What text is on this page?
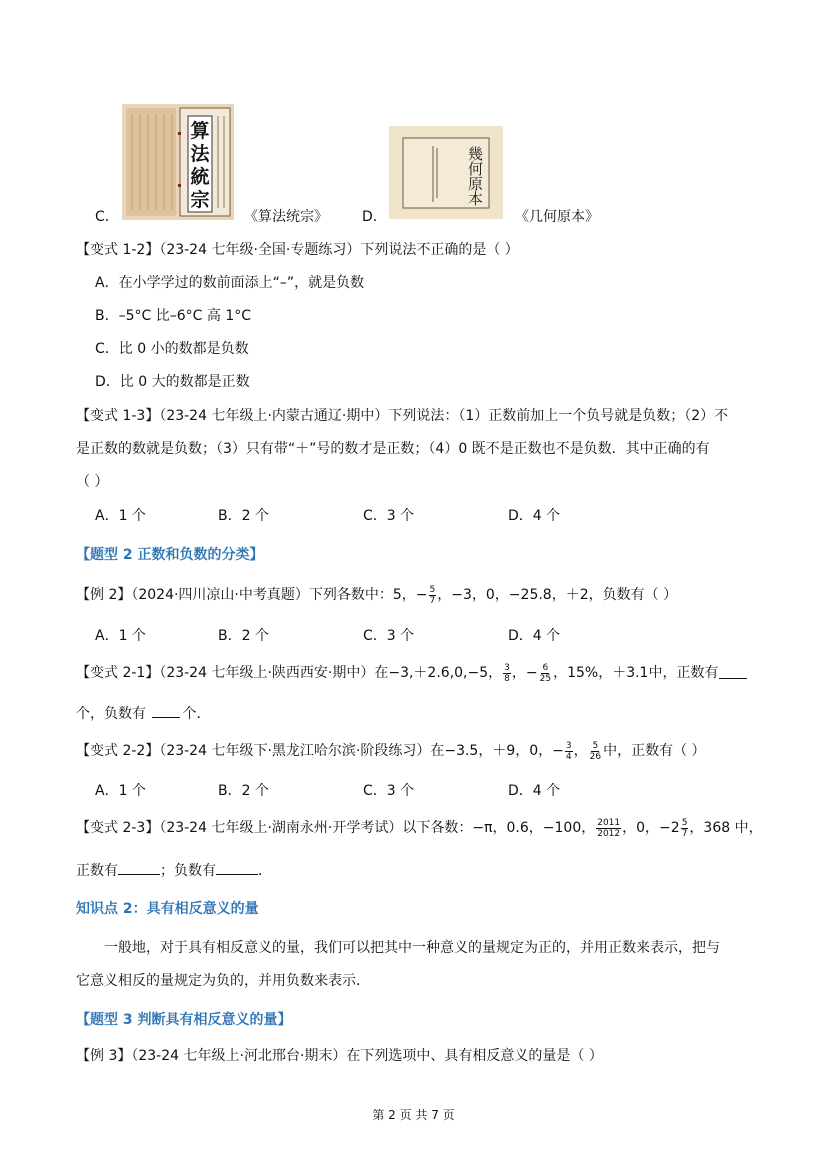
算法統宗
C．	《算法统宗》
幾何原本
D．	《几何原本》
【变式 1-2】（23-24 七年级·全国·专题练习）下列说法不正确的是（ ）
A．在小学学过的数前面添上“–”，就是负数
B．–5°C 比–6°C 高 1°C
C．比 0 小的数都是负数
D．比 0 大的数都是正数
【变式 1-3】（23-24 七年级上·内蒙古通辽·期中）下列说法：（1）正数前加上一个负号就是负数；（2）不
是正数的数就是负数；（3）只有带“＋”号的数才是正数；（4）0 既不是正数也不是负数．其中正确的有
（ ）
A．1 个	B．2 个	C．3 个	D．4 个
【题型 2 正数和负数的分类】
【例 2】（2024·四川凉山·中考真题）下列各数中：5，− $\frac{5}{7}$ ，−3，0，−25.8，＋2，负数有（ ）
A．1 个	B．2 个	C．3 个	D．4 个
【变式 2-1】（23-24 七年级上·陕西西安·期中）在−3,＋2.6,0,−5， $\frac{3}{8}$ ，− $\frac{6}{25}$ ，15%，＋3.1中，正数有
个，负数有	个．
【变式 2-2】（23-24 七年级下·黑龙江哈尔滨·阶段练习）在−3.5，＋9，0，− $\frac{3}{4}$ ， $\frac{5}{26}$ 中，正数有（ ）
A．1 个	B．2 个	C．3 个	D．4 个
【变式 2-3】（23-24 七年级上·湖南永州·开学考试）以下各数：−π，0.6，−100， $\frac{2011}{2012}$ ，0，$-2 \frac{5}{7}$ ，368 中，
正数有	；负数有	．
知识点 2：具有相反意义的量
一般地，对于具有相反意义的量，我们可以把其中一种意义的量规定为正的，并用正数来表示，把与
它意义相反的量规定为负的，并用负数来表示．
【题型 3 判断具有相反意义的量】
【例 3】（23-24 七年级上·河北邢台·期末）在下列选项中、具有相反意义的量是（ ）
第 2 页 共 7 页
